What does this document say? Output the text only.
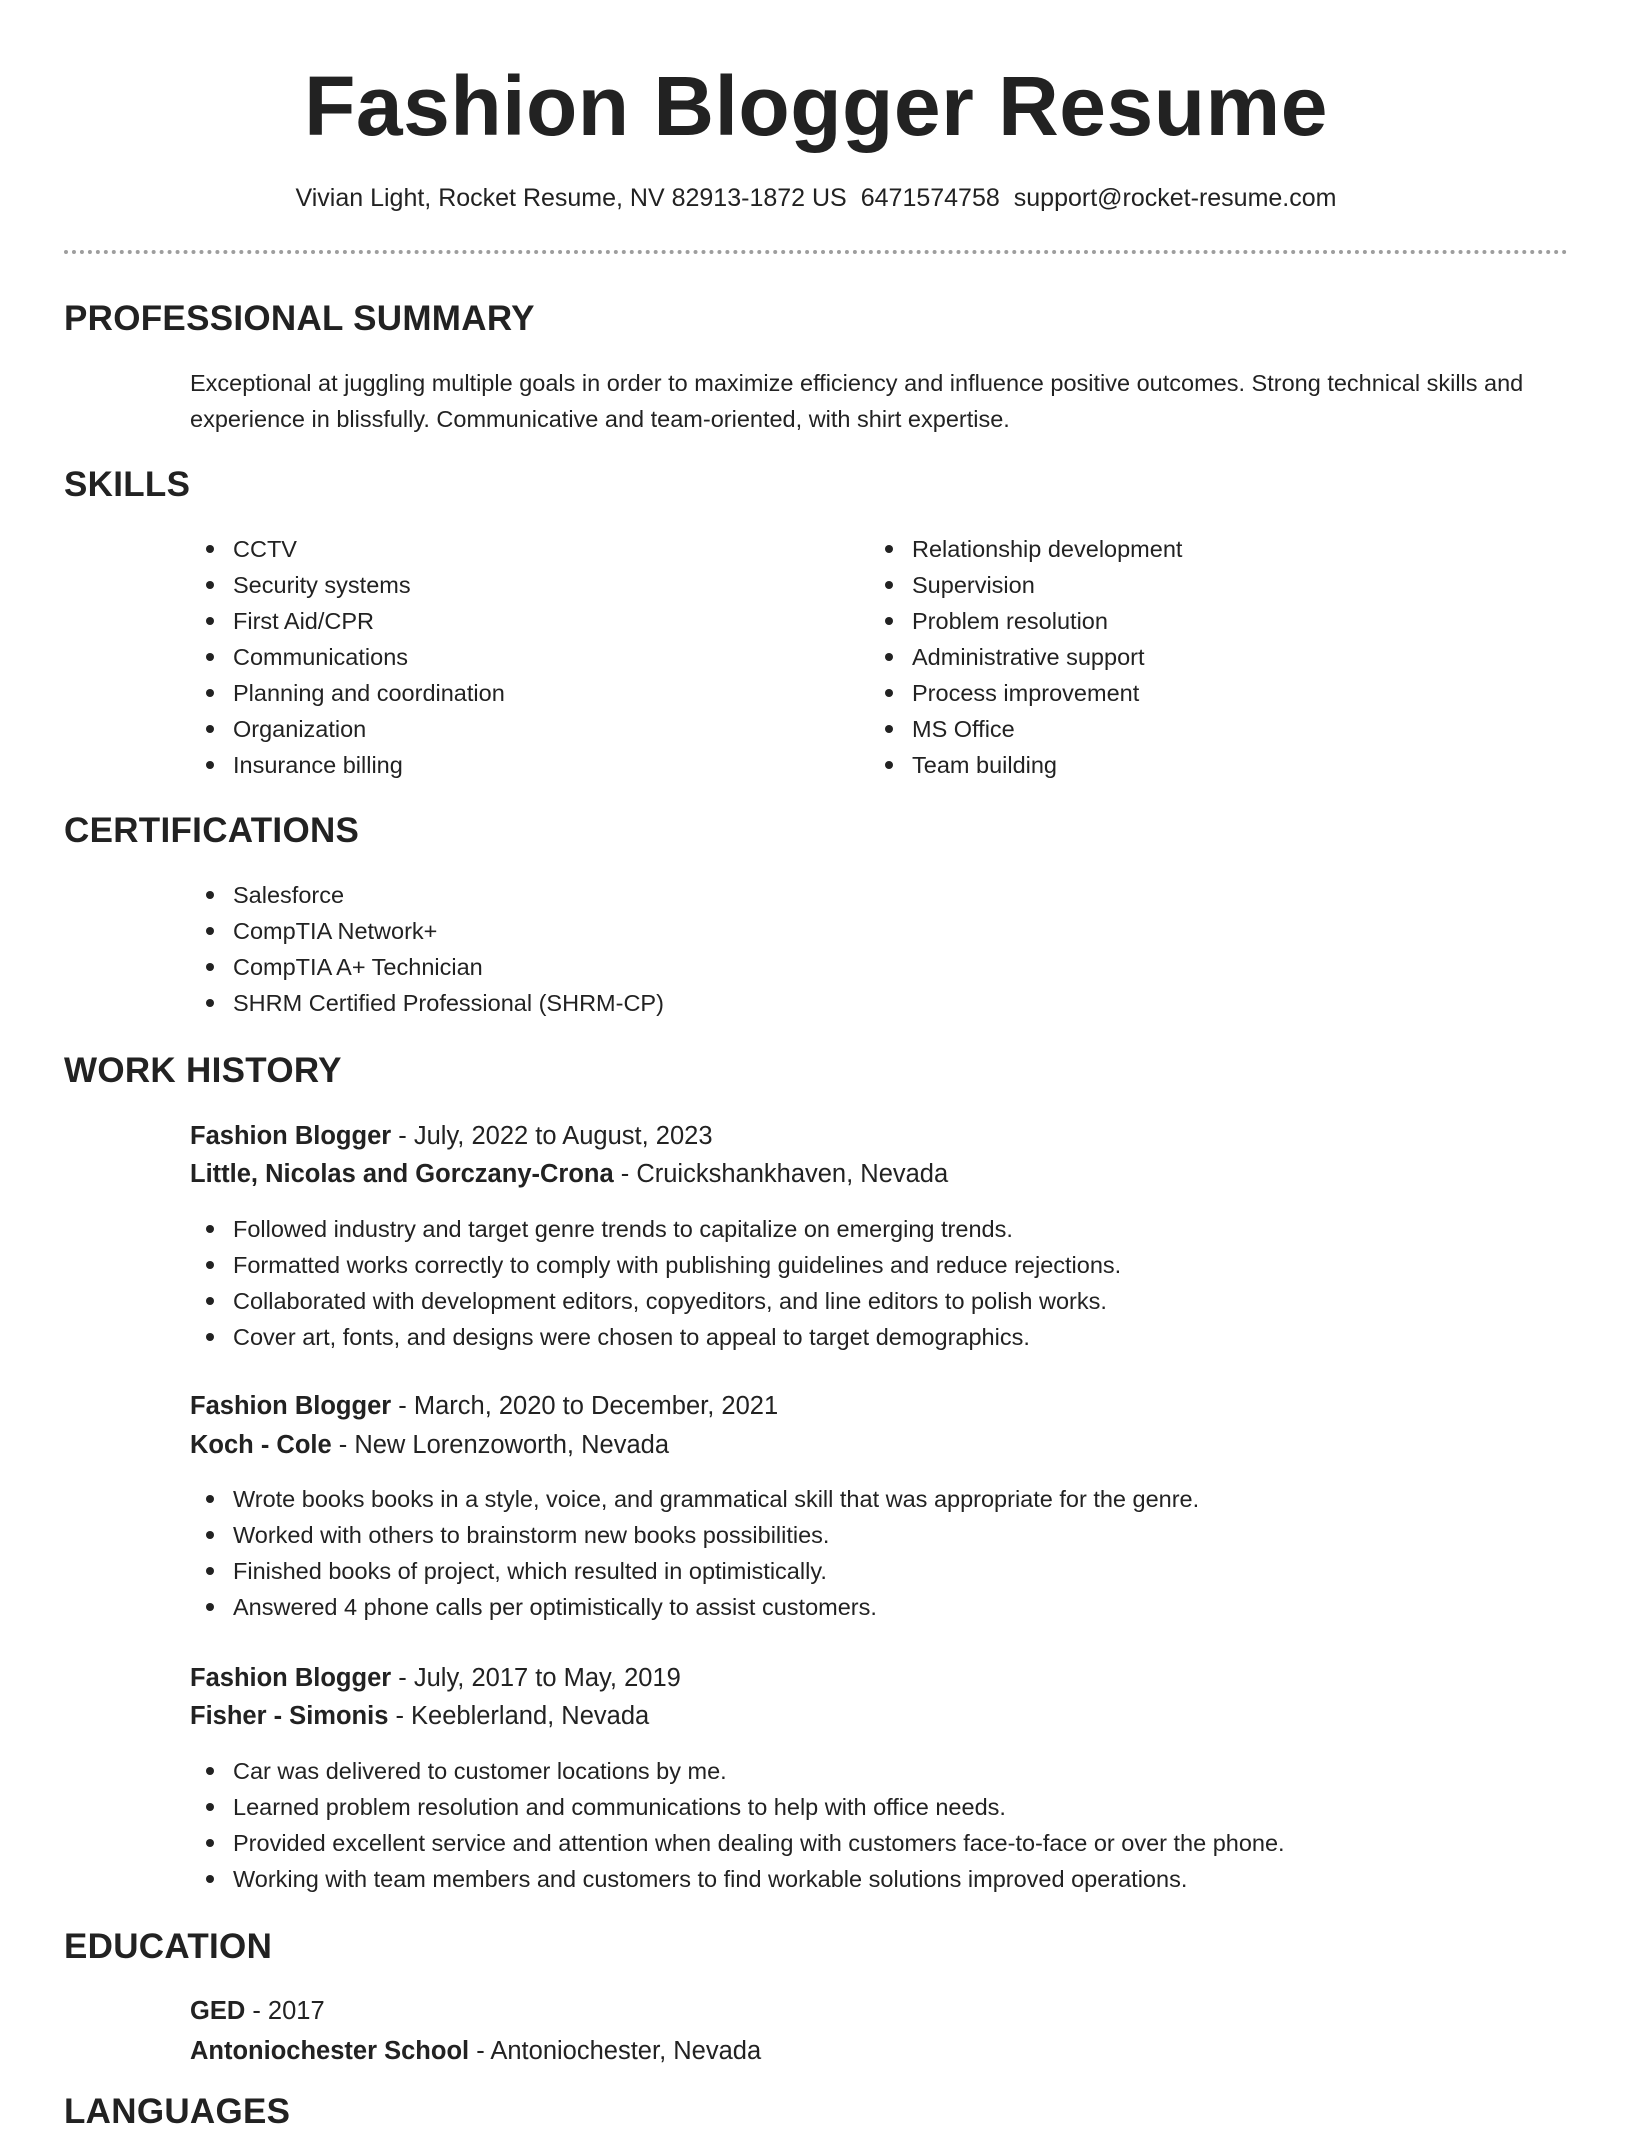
Fashion Blogger Resume
Vivian Light, Rocket Resume, NV 82913-1872 US 6471574758 support@rocket-resume.com
PROFESSIONAL SUMMARY
Exceptional at juggling multiple goals in order to maximize efficiency and influence positive outcomes. Strong technical skills and experience in blissfully. Communicative and team-oriented, with shirt expertise.
SKILLS
CCTV
Security systems
First Aid/CPR
Communications
Planning and coordination
Organization
Insurance billing
Relationship development
Supervision
Problem resolution
Administrative support
Process improvement
MS Office
Team building
CERTIFICATIONS
Salesforce
CompTIA Network+
CompTIA A+ Technician
SHRM Certified Professional (SHRM-CP)
WORK HISTORY
Fashion Blogger - July, 2022 to August, 2023
Little, Nicolas and Gorczany-Crona - Cruickshankhaven, Nevada
Followed industry and target genre trends to capitalize on emerging trends.
Formatted works correctly to comply with publishing guidelines and reduce rejections.
Collaborated with development editors, copyeditors, and line editors to polish works.
Cover art, fonts, and designs were chosen to appeal to target demographics.
Fashion Blogger - March, 2020 to December, 2021
Koch - Cole - New Lorenzoworth, Nevada
Wrote books books in a style, voice, and grammatical skill that was appropriate for the genre.
Worked with others to brainstorm new books possibilities.
Finished books of project, which resulted in optimistically.
Answered 4 phone calls per optimistically to assist customers.
Fashion Blogger - July, 2017 to May, 2019
Fisher - Simonis - Keeblerland, Nevada
Car was delivered to customer locations by me.
Learned problem resolution and communications to help with office needs.
Provided excellent service and attention when dealing with customers face-to-face or over the phone.
Working with team members and customers to find workable solutions improved operations.
EDUCATION
GED - 2017
Antoniochester School - Antoniochester, Nevada
LANGUAGES
